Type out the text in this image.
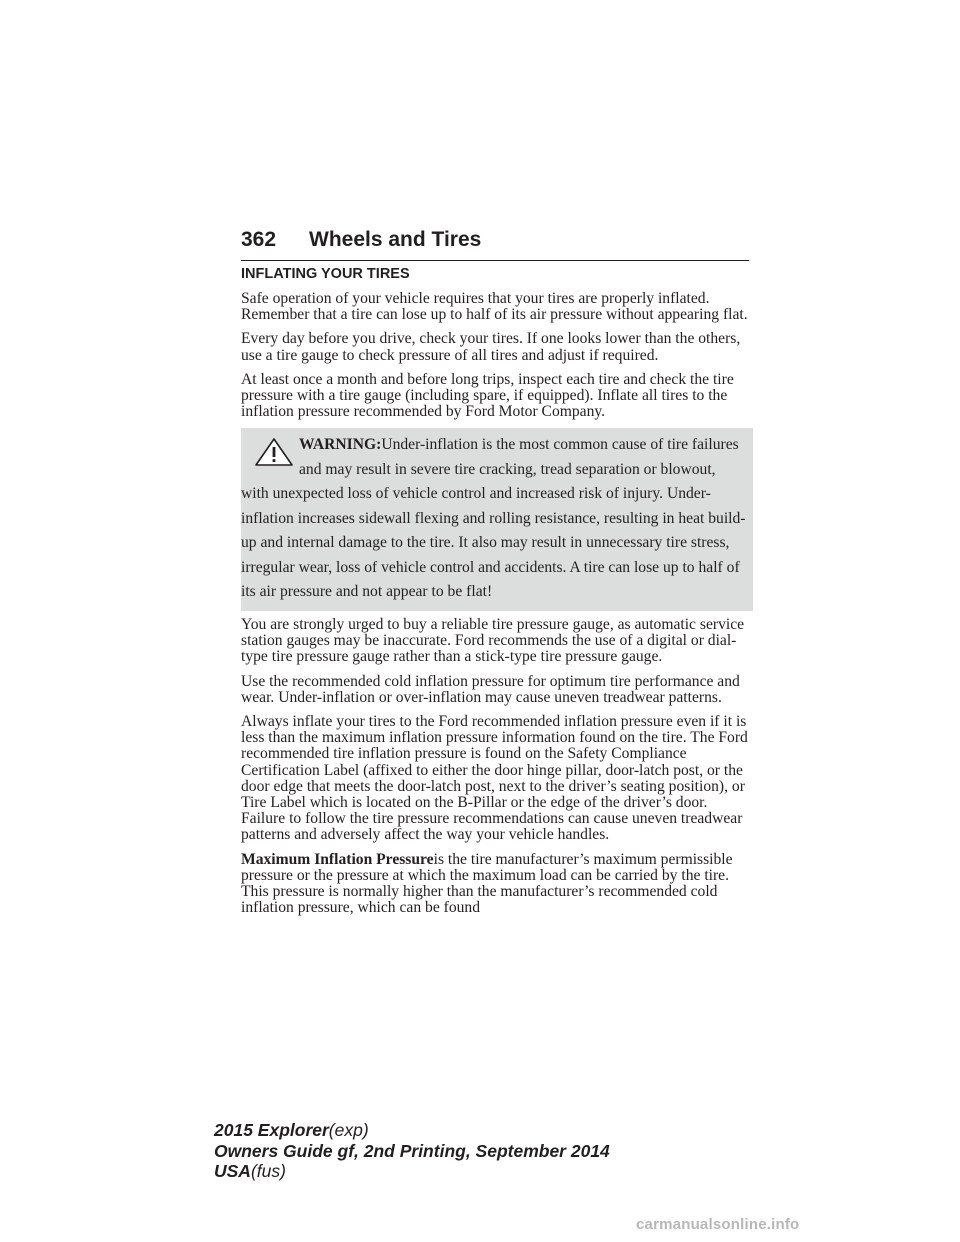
362 Wheels and Tires
INFLATING YOUR TIRES

Safe operation of your vehicle requires that your tires are properly inflated. Remember that a tire can lose up to half of its air pressure without appearing flat.

Every day before you drive, check your tires. If one looks lower than the others, use a tire gauge to check pressure of all tires and adjust if required.

At least once a month and before long trips, inspect each tire and check the tire pressure with a tire gauge (including spare, if equipped). Inflate all tires to the inflation pressure recommended by Ford Motor Company.

WARNING:Under-inflation is the most common cause of tire failures and may result in severe tire cracking, tread separation or blowout, with unexpected loss of vehicle control and increased risk of injury. Under-inflation increases sidewall flexing and rolling resistance, resulting in heat build-up and internal damage to the tire. It also may result in unnecessary tire stress, irregular wear, loss of vehicle control and accidents. A tire can lose up to half of its air pressure and not appear to be flat!

You are strongly urged to buy a reliable tire pressure gauge, as automatic service station gauges may be inaccurate. Ford recommends the use of a digital or dial-type tire pressure gauge rather than a stick-type tire pressure gauge.

Use the recommended cold inflation pressure for optimum tire performance and wear. Under-inflation or over-inflation may cause uneven treadwear patterns.

Always inflate your tires to the Ford recommended inflation pressure even if it is less than the maximum inflation pressure information found on the tire. The Ford recommended tire inflation pressure is found on the Safety Compliance Certification Label (affixed to either the door hinge pillar, door-latch post, or the door edge that meets the door-latch post, next to the driver’s seating position), or Tire Label which is located on the B-Pillar or the edge of the driver’s door. Failure to follow the tire pressure recommendations can cause uneven treadwear patterns and adversely affect the way your vehicle handles.

Maximum Inflation Pressureis the tire manufacturer’s maximum permissible pressure or the pressure at which the maximum load can be carried by the tire. This pressure is normally higher than the manufacturer’s recommended cold inflation pressure, which can be found

2015 Explorer(exp)
Owners Guide gf, 2nd Printing, September 2014
USA(fus)
carmanualsonline.info
